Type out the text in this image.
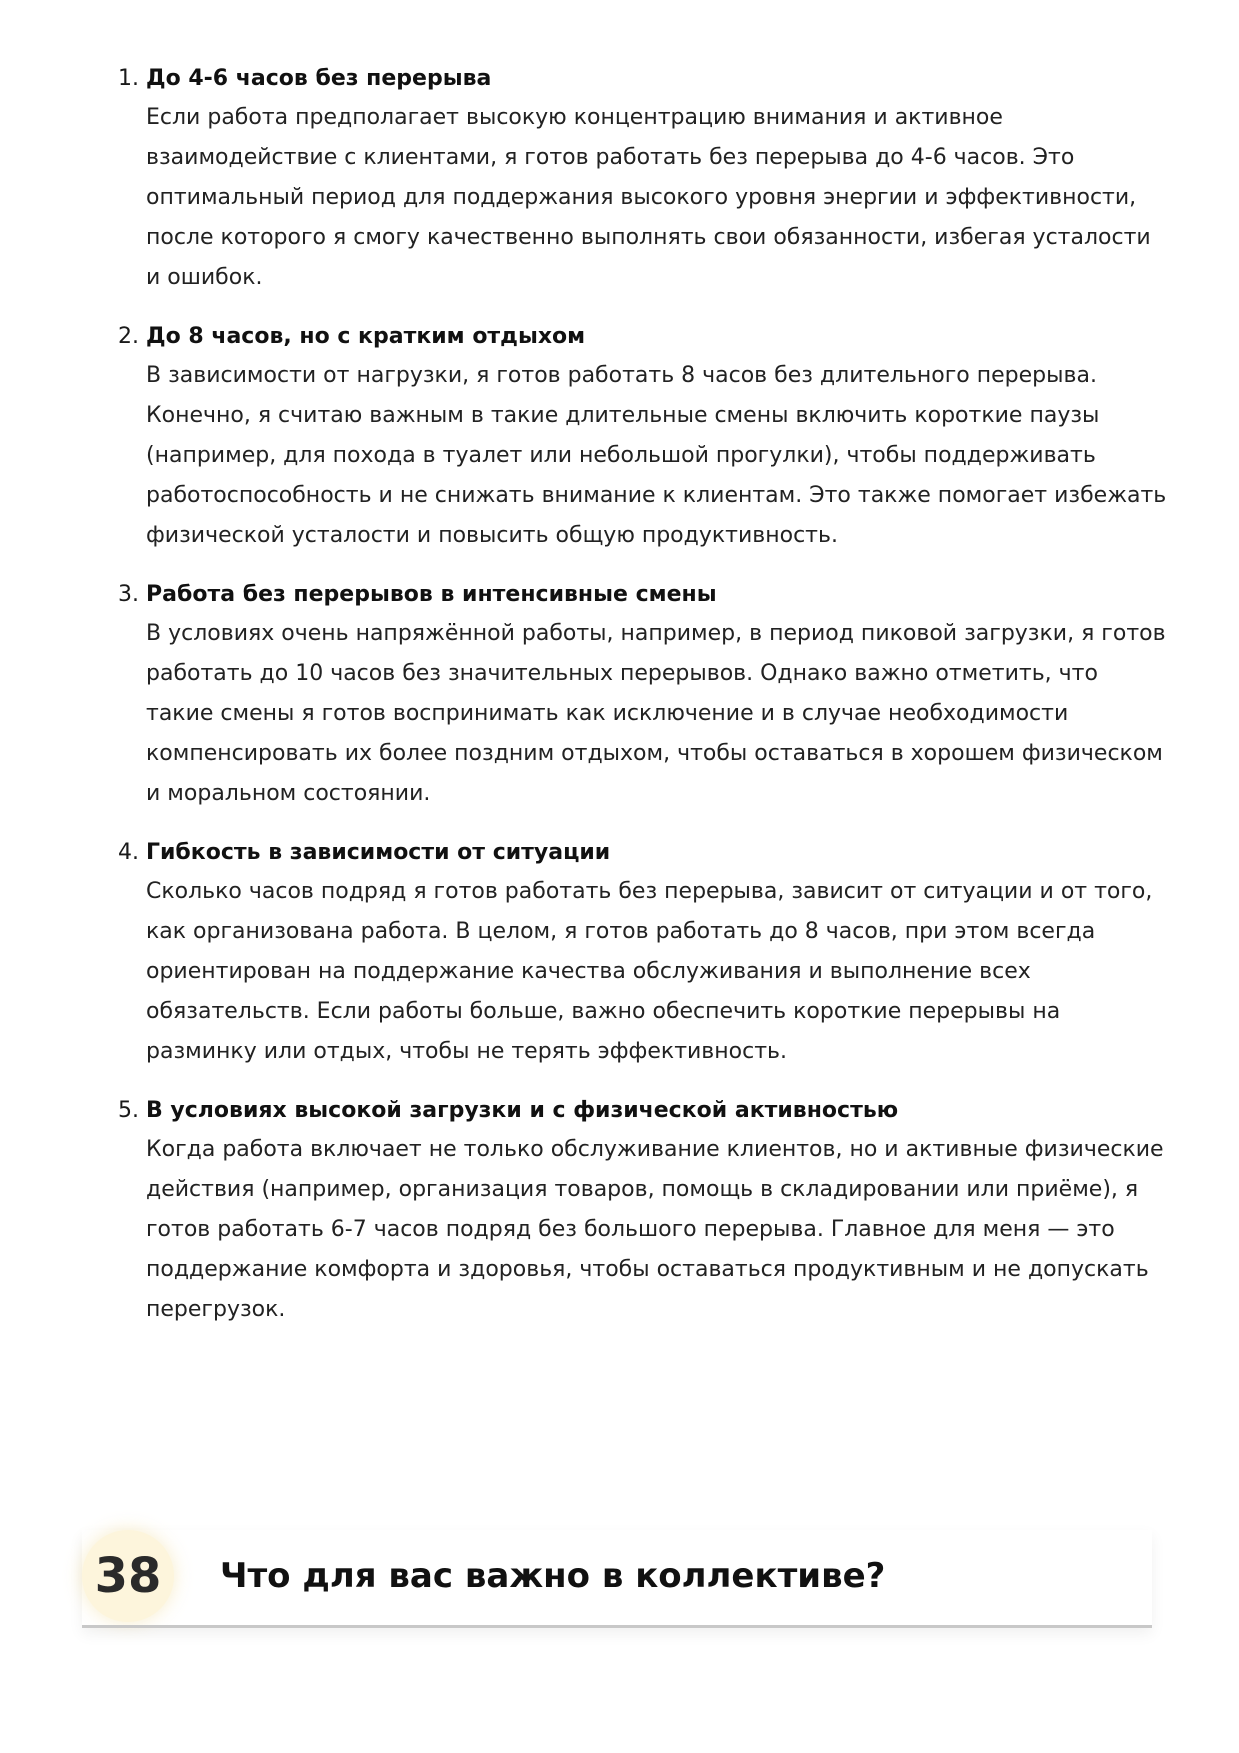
1. До 4-6 часов без перерыва

Если работа предполагает высокую концентрацию внимания и активное взаимодействие с клиентами, я готов работать без перерыва до 4-6 часов. Это оптимальный период для поддержания высокого уровня энергии и эффективности, после которого я смогу качественно выполнять свои обязанности, избегая усталости и ошибок.

2. До 8 часов, но с кратким отдыхом

В зависимости от нагрузки, я готов работать 8 часов без длительного перерыва. Конечно, я считаю важным в такие длительные смены включить короткие паузы (например, для похода в туалет или небольшой прогулки), чтобы поддерживать работоспособность и не снижать внимание к клиентам. Это также помогает избежать физической усталости и повысить общую продуктивность.

3. Работа без перерывов в интенсивные смены

В условиях очень напряжённой работы, например, в период пиковой загрузки, я готов работать до 10 часов без значительных перерывов. Однако важно отметить, что такие смены я готов воспринимать как исключение и в случае необходимости компенсировать их более поздним отдыхом, чтобы оставаться в хорошем физическом и моральном состоянии.

4. Гибкость в зависимости от ситуации

Сколько часов подряд я готов работать без перерыва, зависит от ситуации и от того, как организована работа. В целом, я готов работать до 8 часов, при этом всегда ориентирован на поддержание качества обслуживания и выполнение всех обязательств. Если работы больше, важно обеспечить короткие перерывы на разминку или отдых, чтобы не терять эффективность.

5. В условиях высокой загрузки и с физической активностью

Когда работа включает не только обслуживание клиентов, но и активные физические действия (например, организация товаров, помощь в складировании или приёме), я готов работать 6-7 часов подряд без большого перерыва. Главное для меня — это поддержание комфорта и здоровья, чтобы оставаться продуктивным и не допускать перегрузок.

38	Что для вас важно в коллективе?
